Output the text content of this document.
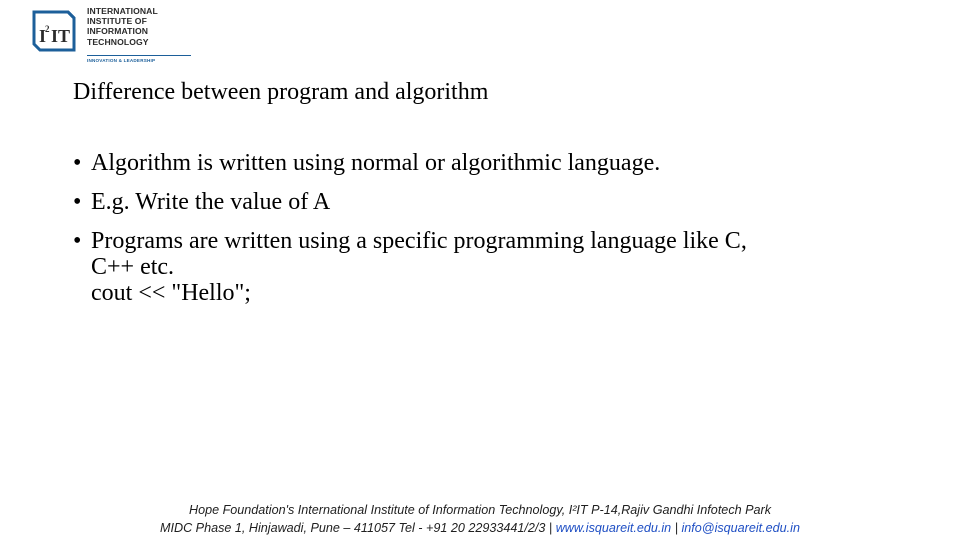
I
2 IT
INTERNATIONAL
INSTITUTE OF
INFORMATION
TECHNOLOGY
INNOVATION & LEADERSHIP
Difference between program and algorithm
• Algorithm is written using normal or algorithmic language.
• E.g. Write the value of A
• Programs are written using a specific programming language like C,
C++ etc.
cout << "Hello";
Hope Foundation's International Institute of Information Technology, I²IT P-14,Rajiv Gandhi Infotech Park
MIDC Phase 1, Hinjawadi, Pune – 411057 Tel - +91 20 22933441/2/3 | www.isquareit.edu.in | info@isquareit.edu.in
